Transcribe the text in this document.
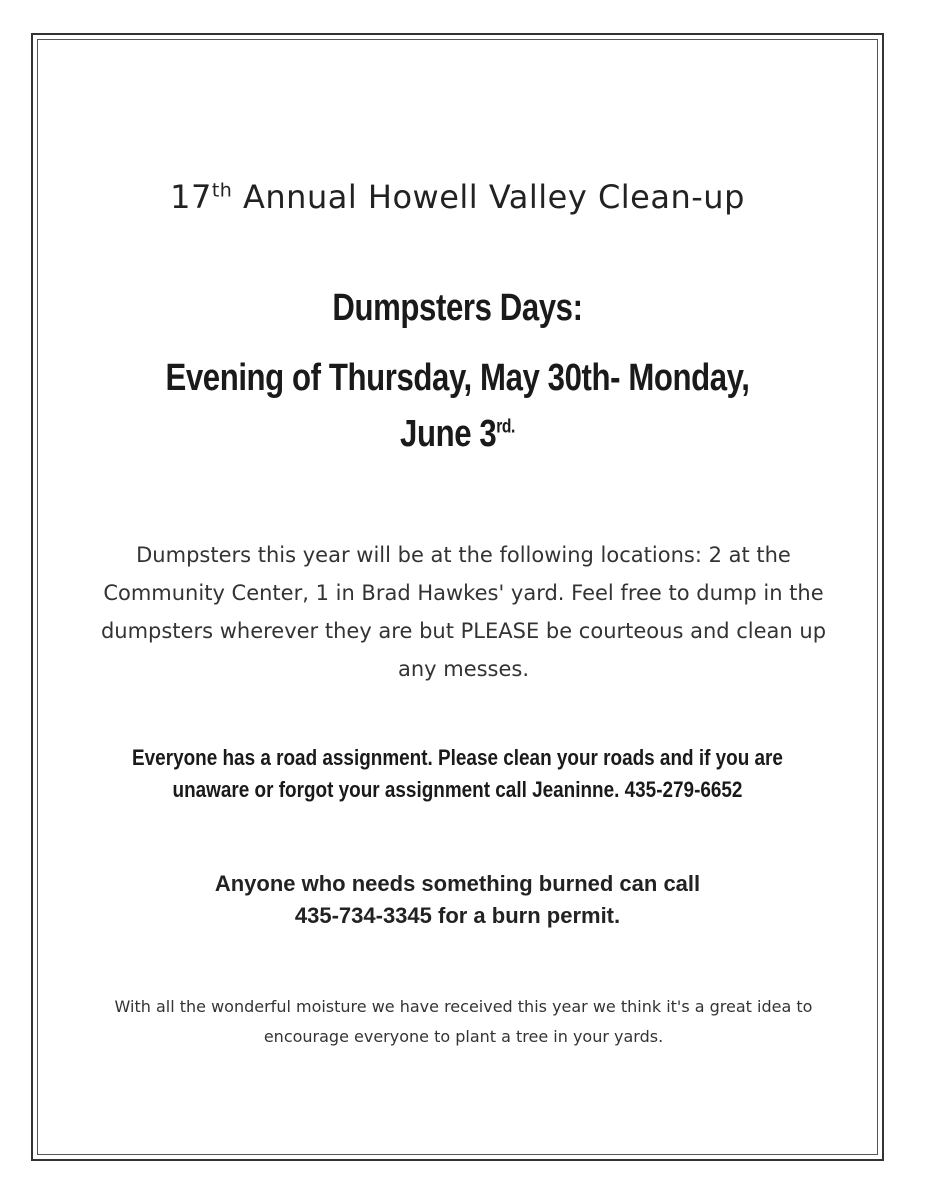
17th Annual Howell Valley Clean-up
Dumpsters Days:
Evening of Thursday, May 30th- Monday,
June $3^{rd.}$
Dumpsters this year will be at the following locations: 2 at the Community Center, 1 in Brad Hawkes' yard. Feel free to dump in the dumpsters wherever they are but PLEASE be courteous and clean up any messes.
Everyone has a road assignment. Please clean your roads and if you are
unaware or forgot your assignment call Jeaninne. 435-279-6652
Anyone who needs something burned can call
435-734-3345 for a burn permit.
With all the wonderful moisture we have received this year we think it's a great idea to encourage everyone to plant a tree in your yards.
